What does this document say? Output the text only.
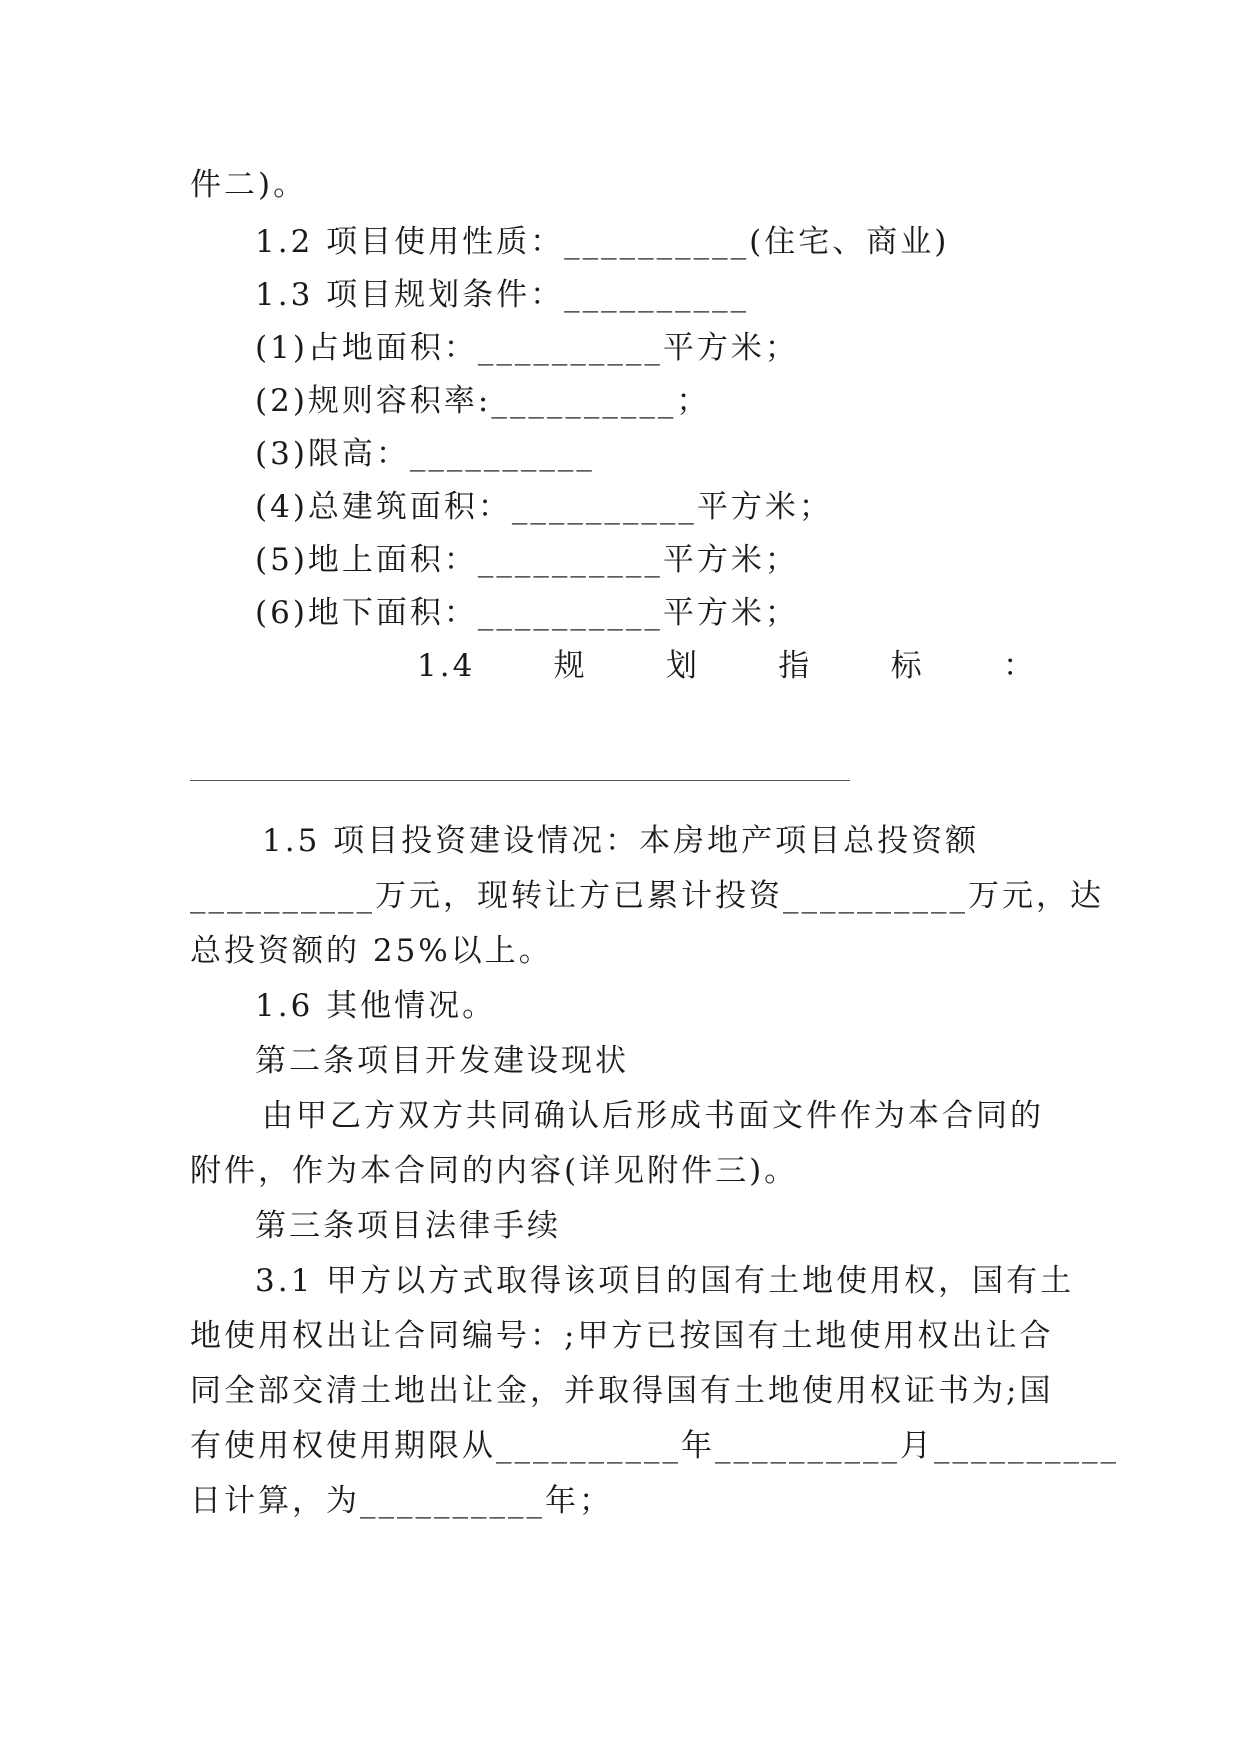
件二)。
1.2 项目使用性质：__________(住宅、商业)
1.3 项目规划条件：__________
(1)占地面积：__________平方米；
(2)规则容积率:__________；
(3)限高：__________
(4)总建筑面积：__________平方米；
(5)地上面积：__________平方米；
(6)地下面积：__________平方米；
1.4	规	划	指	标	：
1.5 项目投资建设情况：本房地产项目总投资额
__________万元，现转让方已累计投资__________万元，达
总投资额的 25%以上。
1.6 其他情况。
第二条项目开发建设现状
由甲乙方双方共同确认后形成书面文件作为本合同的
附件，作为本合同的内容(详见附件三)。
第三条项目法律手续
3.1 甲方以方式取得该项目的国有土地使用权，国有土
地使用权出让合同编号：;甲方已按国有土地使用权出让合
同全部交清土地出让金，并取得国有土地使用权证书为;国
有使用权使用期限从__________年__________月__________
日计算，为__________年；
